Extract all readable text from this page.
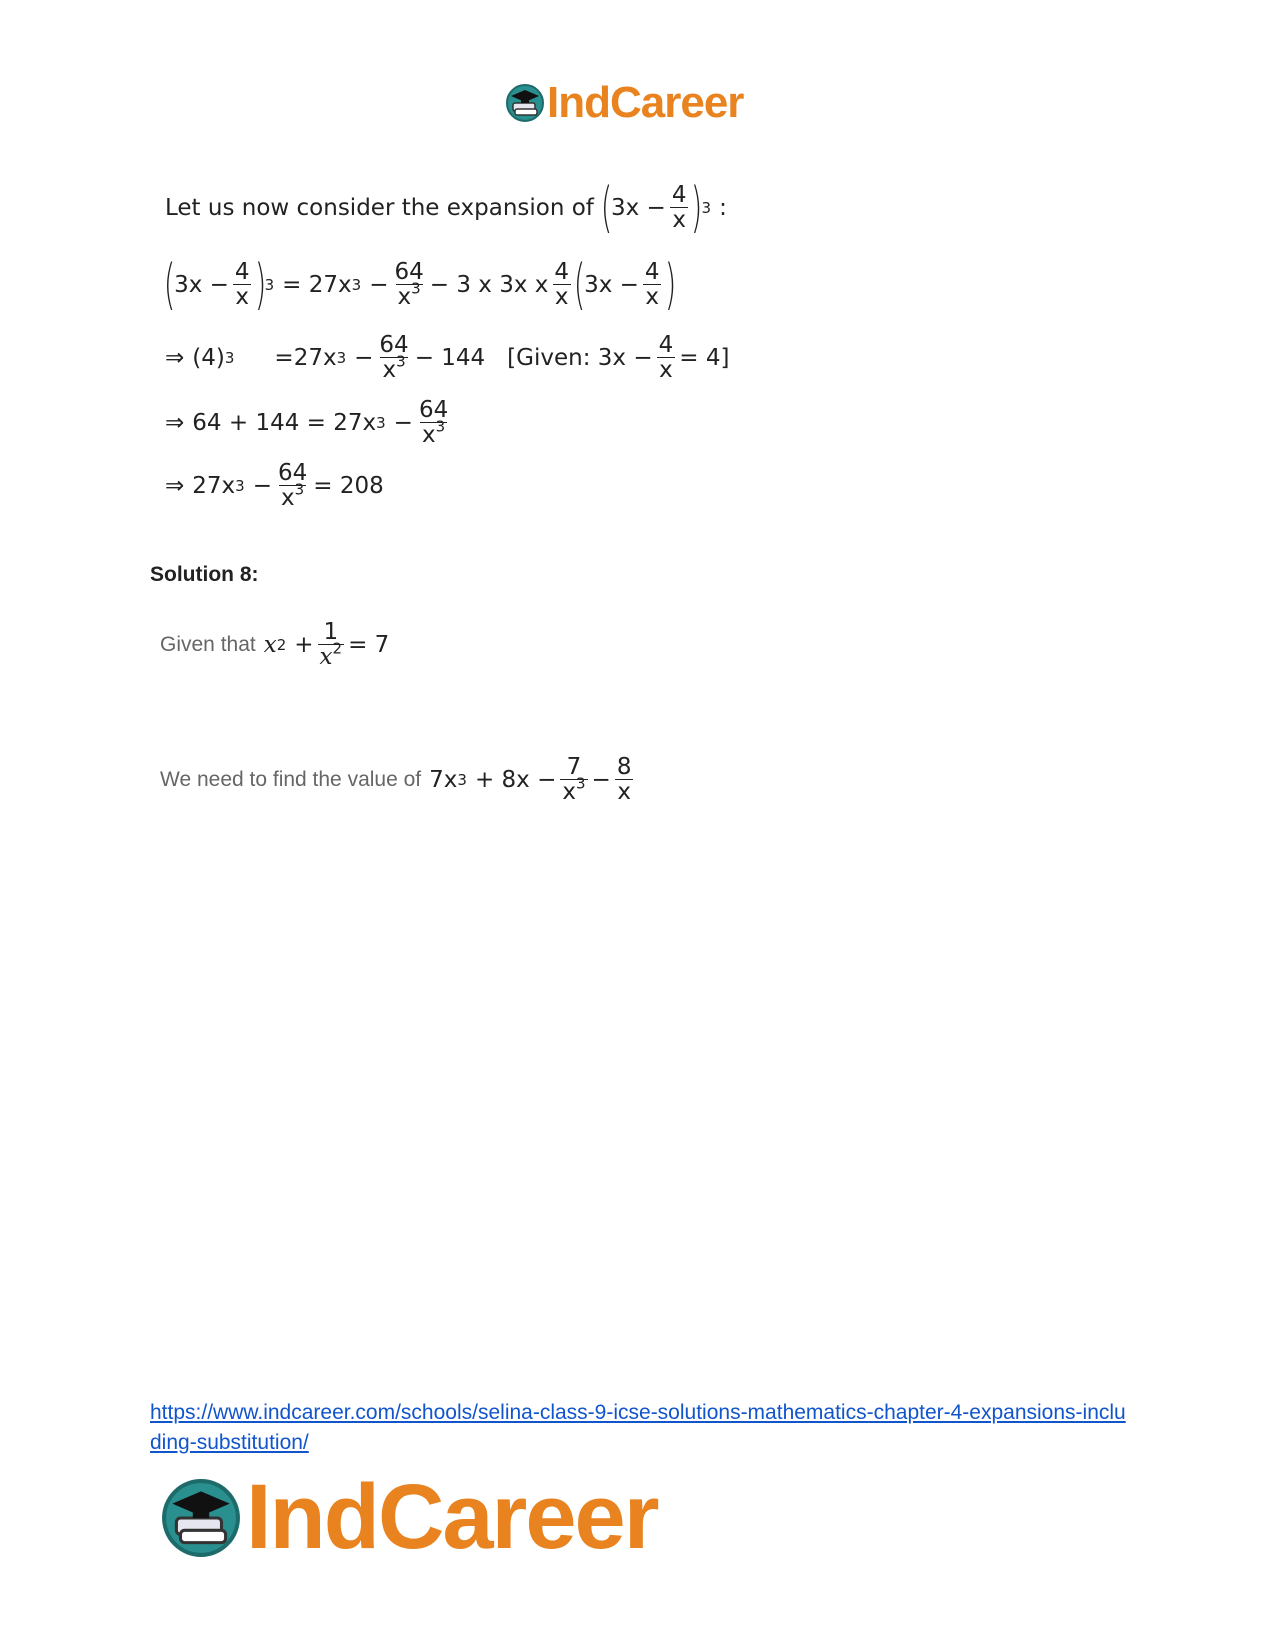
IndCareer
Let us now consider the expansion of (
$3x - \frac{4}{x}$ )
3 :
(
$3x - \frac{4}{x}$ )
3 = 27x $3 - \frac{64}{x^3} - 3$ x 3x x $\frac{4}{x}$ (
$3x - \frac{4}{x}$ )
⇒ (4) 3 =27x $3 - \frac{64}{x^3} - 144$ [Given: $3x - \frac{4}{x} = 4$]
⇒ 64 + 144 = 27x $3 - \frac{64}{x^3}$
⇒ 27x $3 - \frac{64}{x^3} = 208$
Solution 8:
Given that x $2 + \frac{1}{x^2} = 7$
We need to find the value of 7x $3 + 8x - \frac{7}{x^3} - \frac{8}{x}$
https://www.indcareer.com/schools/selina-class-9-icse-solutions-mathematics-chapter-4-expansions-including-substitution/
IndCareer
